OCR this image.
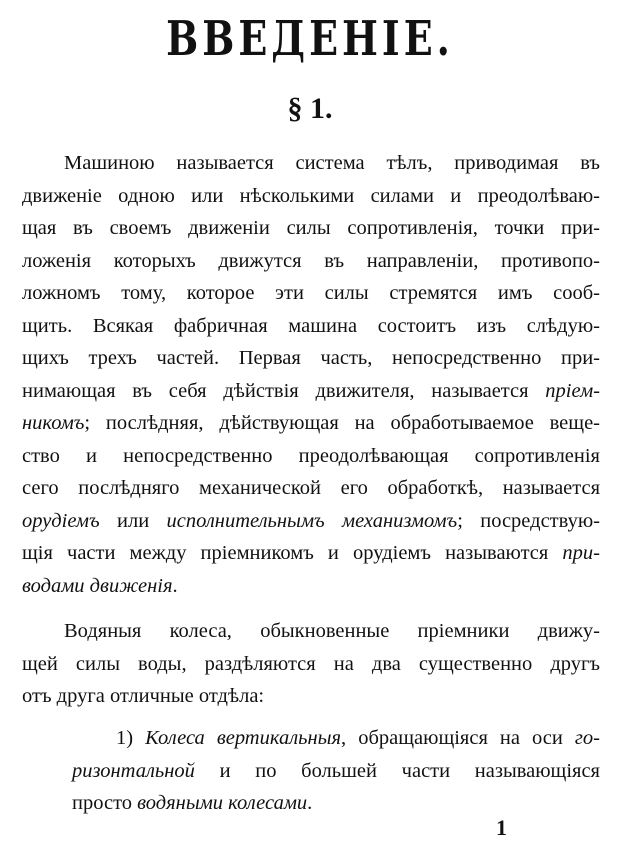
ВВЕДЕНІЕ.
§ 1.
Машиною называется система тѣлъ, приводимая въ
движеніе одною или нѣсколькими силами и преодолѣваю-
щая въ своемъ движеніи силы сопротивленія, точки при-
ложенія которыхъ движутся въ направленіи, противопо-
ложномъ тому, которое эти силы стремятся имъ сооб-
щить. Всякая фабричная машина состоитъ изъ слѣдую-
щихъ трехъ частей. Первая часть, непосредственно при-
нимающая въ себя дѣйствія движителя, называется пріем-
никомъ; послѣдняя, дѣйствующая на обработываемое веще-
ство и непосредственно преодолѣвающая сопротивленія
сего послѣдняго механической его обработкѣ, называется
орудіемъ или исполнительнымъ механизмомъ; посредствую-
щія части между пріемникомъ и орудіемъ называются при-
водами движенія.
Водяныя колеса, обыкновенные пріемники движу-
щей силы воды, раздѣляются на два существенно другъ
отъ друга отличные отдѣла:
1) Колеса вертикальныя, обращающіяся на оси го-
ризонтальной и по большей части называющіяся
просто водяными колесами.
1
